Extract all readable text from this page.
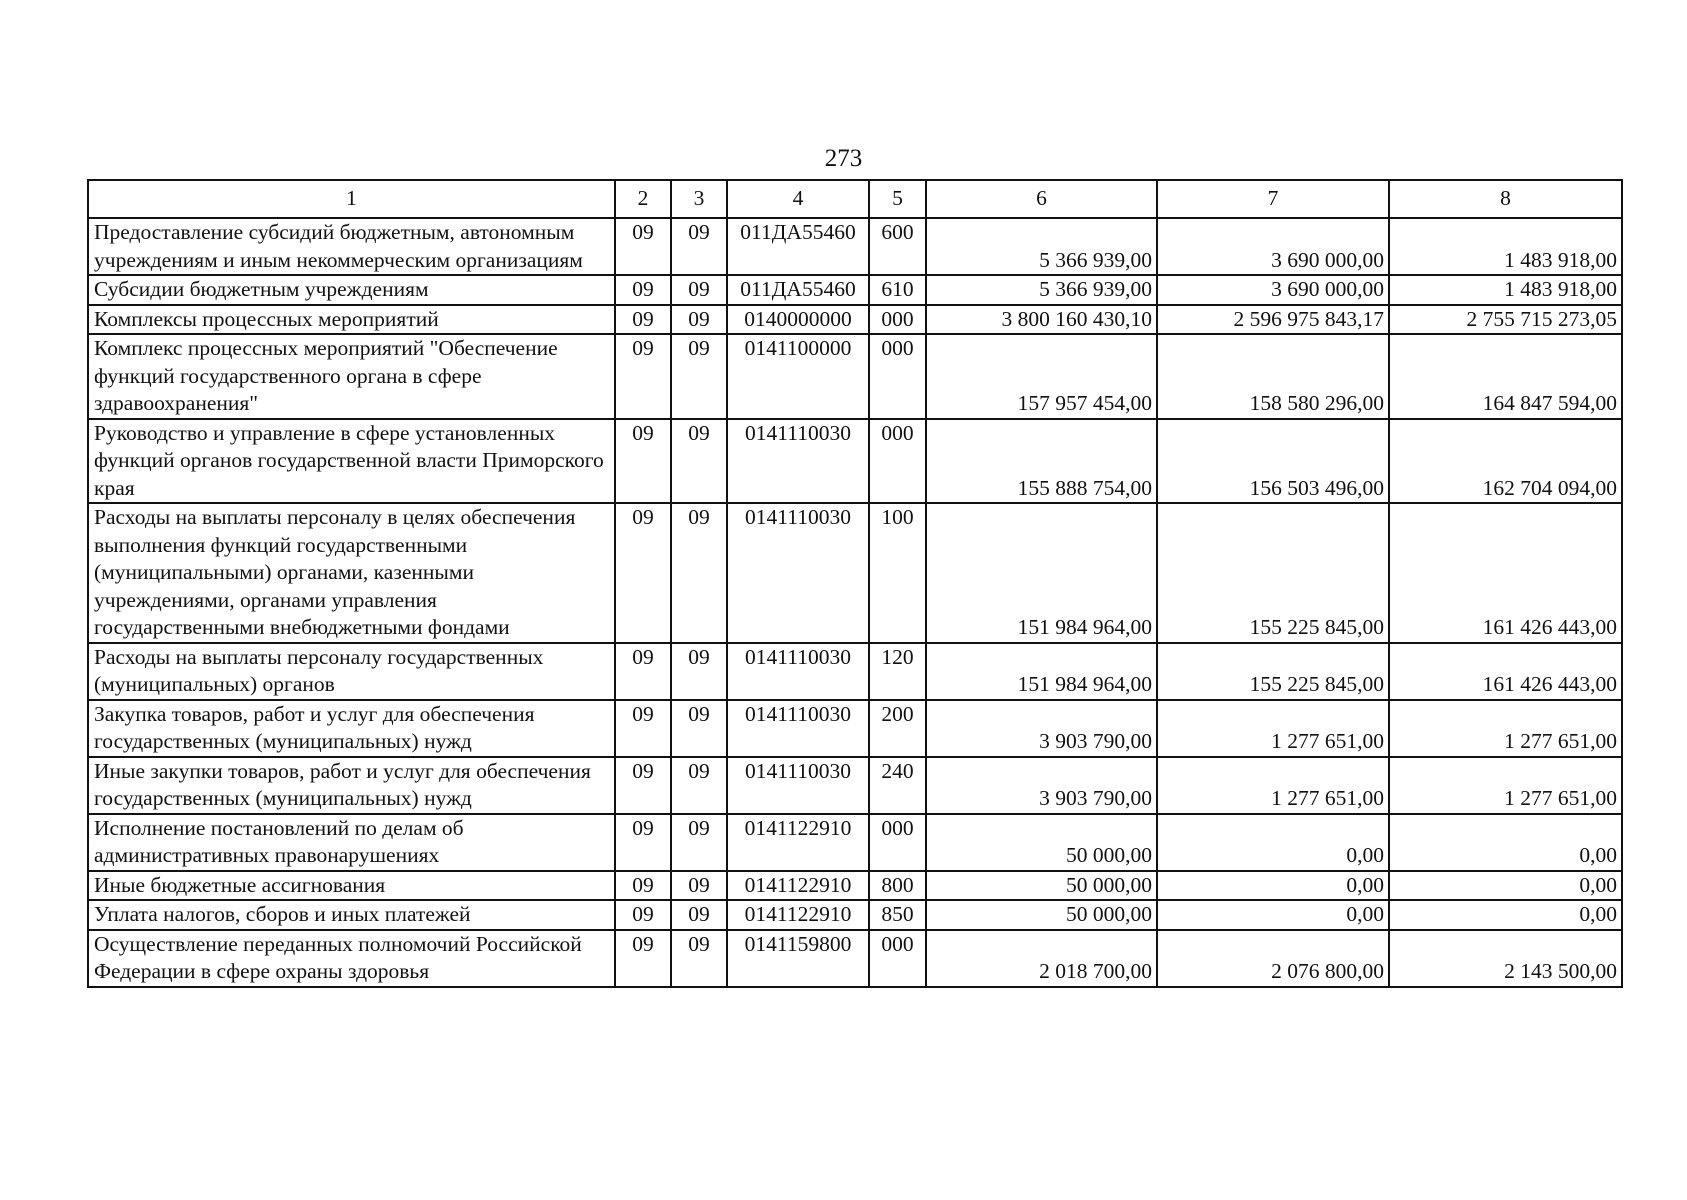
273
1	2	3	4	5	6	7	8
Предоставление субсидий бюджетным, автономным учреждениям и иным некоммерческим организациям	09	09	011ДА55460	600	5 366 939,00	3 690 000,00	1 483 918,00
Субсидии бюджетным учреждениям	09	09	011ДА55460	610	5 366 939,00	3 690 000,00	1 483 918,00
Комплексы процессных мероприятий	09	09	0140000000	000	3 800 160 430,10	2 596 975 843,17	2 755 715 273,05
Комплекс процессных мероприятий "Обеспечение функций государственного органа в сфере здравоохранения"	09	09	0141100000	000	157 957 454,00	158 580 296,00	164 847 594,00
Руководство и управление в сфере установленных функций органов государственной власти Приморского края	09	09	0141110030	000	155 888 754,00	156 503 496,00	162 704 094,00
Расходы на выплаты персоналу в целях обеспечения выполнения функций государственными (муниципальными) органами, казенными учреждениями, органами управления государственными внебюджетными фондами	09	09	0141110030	100	151 984 964,00	155 225 845,00	161 426 443,00
Расходы на выплаты персоналу государственных (муниципальных) органов	09	09	0141110030	120	151 984 964,00	155 225 845,00	161 426 443,00
Закупка товаров, работ и услуг для обеспечения государственных (муниципальных) нужд	09	09	0141110030	200	3 903 790,00	1 277 651,00	1 277 651,00
Иные закупки товаров, работ и услуг для обеспечения государственных (муниципальных) нужд	09	09	0141110030	240	3 903 790,00	1 277 651,00	1 277 651,00
Исполнение постановлений по делам об административных правонарушениях	09	09	0141122910	000	50 000,00	0,00	0,00
Иные бюджетные ассигнования	09	09	0141122910	800	50 000,00	0,00	0,00
Уплата налогов, сборов и иных платежей	09	09	0141122910	850	50 000,00	0,00	0,00
Осуществление переданных полномочий Российской Федерации в сфере охраны здоровья	09	09	0141159800	000	2 018 700,00	2 076 800,00	2 143 500,00
